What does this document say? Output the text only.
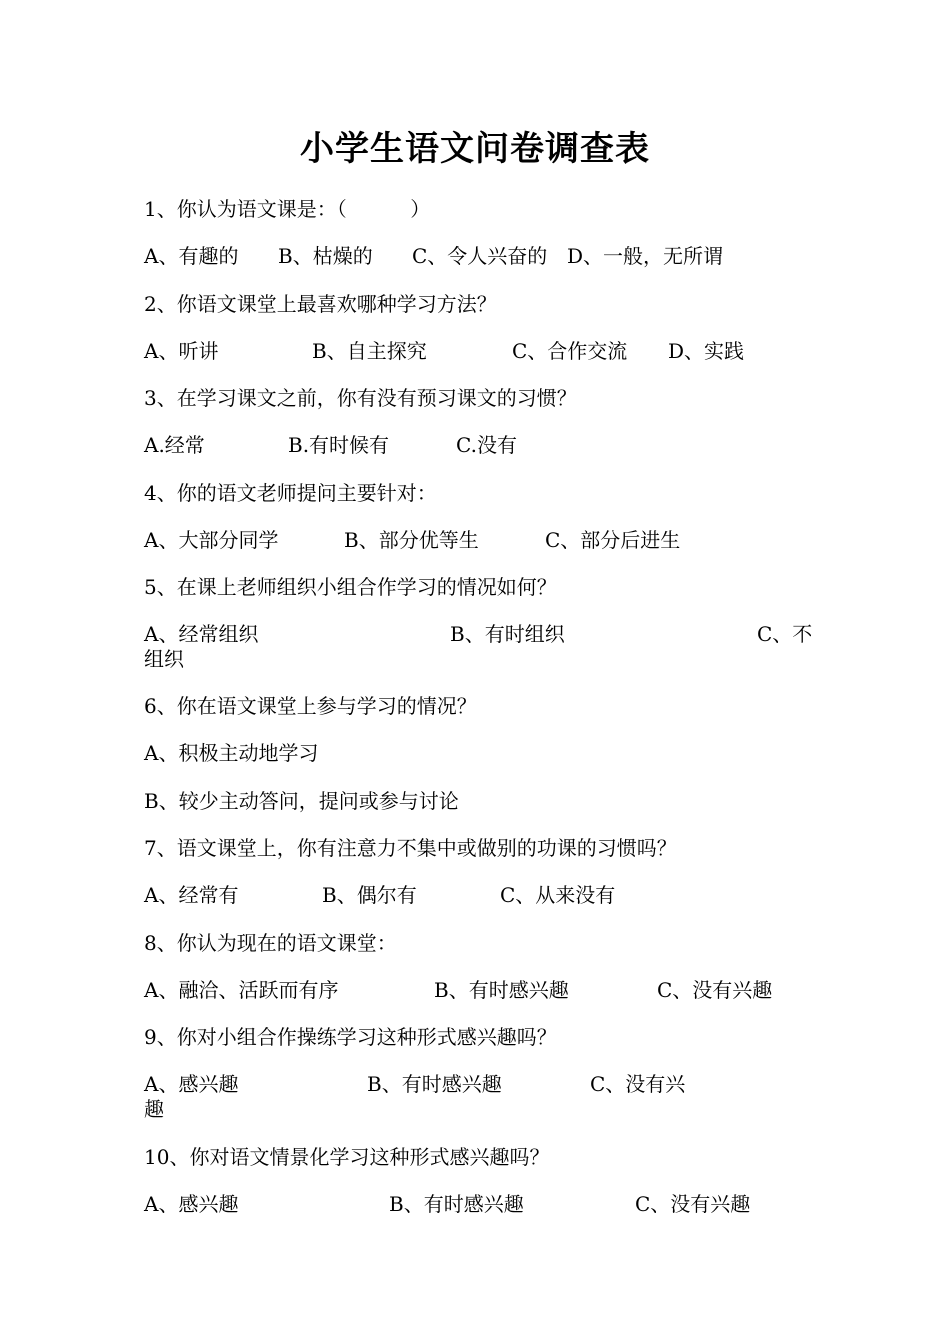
小学生语文问卷调查表
1、你认为语文课是：（          ）
A、有趣的 B、枯燥的 C、令人兴奋的 D、一般，无所谓
2、你语文课堂上最喜欢哪种学习方法？
A、听讲	B、自主探究	C、合作交流 D、实践
3、在学习课文之前，你有没有预习课文的习惯？
A.经常	B.有时候有	C.没有
4、你的语文老师提问主要针对：
A、大部分同学	B、部分优等生	C、部分后进生
5、在课上老师组织小组合作学习的情况如何？
A、经常组织	B、有时组织	C、不
组织
6、你在语文课堂上参与学习的情况？
A、积极主动地学习
B、较少主动答问，提问或参与讨论
7、语文课堂上，你有注意力不集中或做别的功课的习惯吗？
A、经常有	B、偶尔有	C、从来没有
8、你认为现在的语文课堂：
A、融洽、活跃而有序	B、有时感兴趣	C、没有兴趣
9、你对小组合作操练学习这种形式感兴趣吗？
A、感兴趣	B、有时感兴趣	C、没有兴
趣
10、你对语文情景化学习这种形式感兴趣吗？
A、感兴趣	B、有时感兴趣	C、没有兴趣
